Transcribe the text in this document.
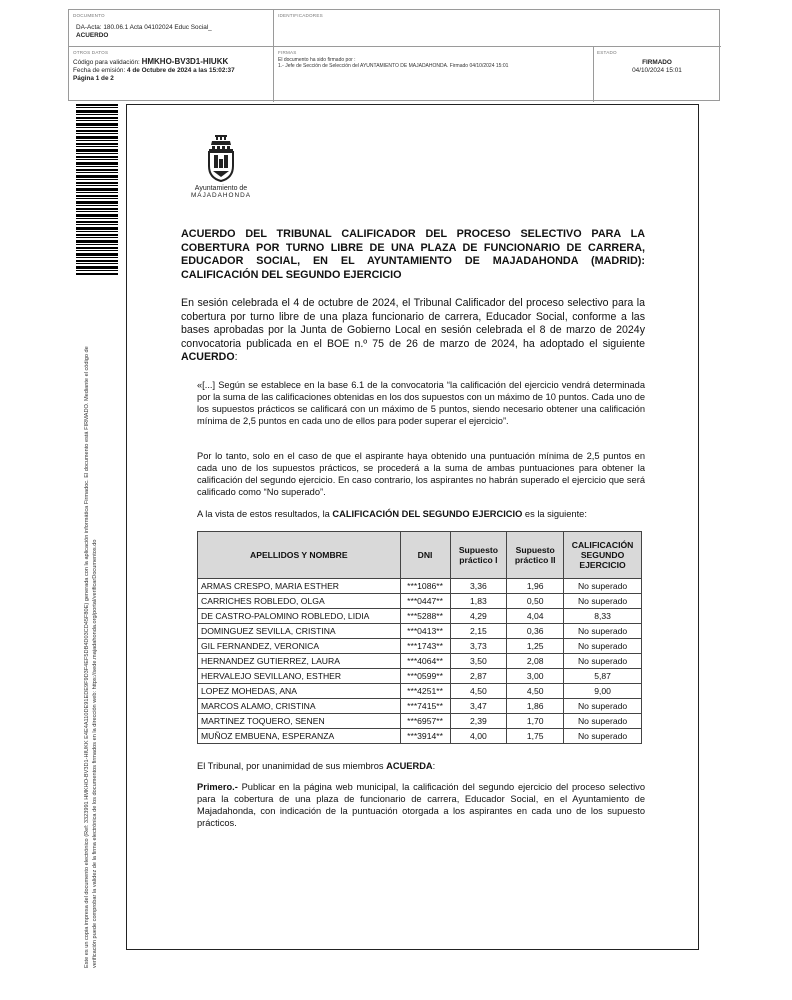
DOCUMENTO
DA-Acta: 180.06.1 Acta 04102024 Educ Social_
ACUERDO
IDENTIFICADORES
OTROS DATOS
Código para validación: HMKHO-BV3D1-HIUKK
Fecha de emisión: 4 de Octubre de 2024 a las 15:02:37
Página 1 de 2
FIRMAS
El documento ha sido firmado por :
1.- Jefe de Sección de Selección del AYUNTAMIENTO DE MAJADAHONDA. Firmado 04/10/2024 15:01
ESTADO
FIRMADO
04/10/2024 15:01
Este es un copia impresa del documento electrónico (Ref: 3323991 HMKHO-BV3D1-HIUKK E4E4A110DE91EDE9F9D3F4EF5DB4D03CD45F80E) generada con la aplicación informática Firmadoc. El documento está FIRMADO. Mediante el código de verificación puede comprobar la validez de la firma electrónica de los documentos firmados en la dirección web: https://sede.majadahonda.org/portal/verificarDocumentos.do
Ayuntamiento de
MAJADAHONDA
ACUERDO DEL TRIBUNAL CALIFICADOR DEL PROCESO SELECTIVO PARA LA COBERTURA POR TURNO LIBRE DE UNA PLAZA DE FUNCIONARIO DE CARRERA, EDUCADOR SOCIAL, EN EL AYUNTAMIENTO DE MAJADAHONDA (MADRID): CALIFICACIÓN DEL SEGUNDO EJERCICIO
En sesión celebrada el 4 de octubre de 2024, el Tribunal Calificador del proceso selectivo para la cobertura por turno libre de una plaza funcionario de carrera, Educador Social, conforme a las bases aprobadas por la Junta de Gobierno Local en sesión celebrada el 8 de marzo de 2024y convocatoria publicada en el BOE n.º 75 de 26 de marzo de 2024, ha adoptado el siguiente ACUERDO:
«[...] Según se establece en la base 6.1 de la convocatoria “la calificación del ejercicio vendrá determinada por la suma de las calificaciones obtenidas en los dos supuestos con un máximo de 10 puntos. Cada uno de los supuestos prácticos se calificará con un máximo de 5 puntos, siendo necesario obtener una calificación mínima de 2,5 puntos en cada uno de ellos para poder superar el ejercicio”.
Por lo tanto, solo en el caso de que el aspirante haya obtenido una puntuación mínima de 2,5 puntos en cada uno de los supuestos prácticos, se procederá a la suma de ambas puntuaciones para obtener la calificación del segundo ejercicio. En caso contrario, los aspirantes no habrán superado el ejercicio que será calificado como “No superado”.
A la vista de estos resultados, la CALIFICACIÓN DEL SEGUNDO EJERCICIO es la siguiente:
APELLIDOS Y NOMBRE	DNI	Supuesto práctico I	Supuesto práctico II	CALIFICACIÓN SEGUNDO EJERCICIO
ARMAS CRESPO, MARIA ESTHER	***1086**	3,36	1,96	No superado
CARRICHES ROBLEDO, OLGA	***0447**	1,83	0,50	No superado
DE CASTRO-PALOMINO ROBLEDO, LIDIA	***5288**	4,29	4,04	8,33
DOMINGUEZ SEVILLA, CRISTINA	***0413**	2,15	0,36	No superado
GIL FERNANDEZ, VERONICA	***1743**	3,73	1,25	No superado
HERNANDEZ GUTIERREZ, LAURA	***4064**	3,50	2,08	No superado
HERVALEJO SEVILLANO, ESTHER	***0599**	2,87	3,00	5,87
LOPEZ MOHEDAS, ANA	***4251**	4,50	4,50	9,00
MARCOS ALAMO, CRISTINA	***7415**	3,47	1,86	No superado
MARTINEZ TOQUERO, SENEN	***6957**	2,39	1,70	No superado
MUÑOZ EMBUENA, ESPERANZA	***3914**	4,00	1,75	No superado
El Tribunal, por unanimidad de sus miembros ACUERDA:
Primero.- Publicar en la página web municipal, la calificación del segundo ejercicio del proceso selectivo para la cobertura de una plaza de funcionario de carrera, Educador Social, en el Ayuntamiento de Majadahonda, con indicación de la puntuación otorgada a los aspirantes en cada uno de los supuesto prácticos.
